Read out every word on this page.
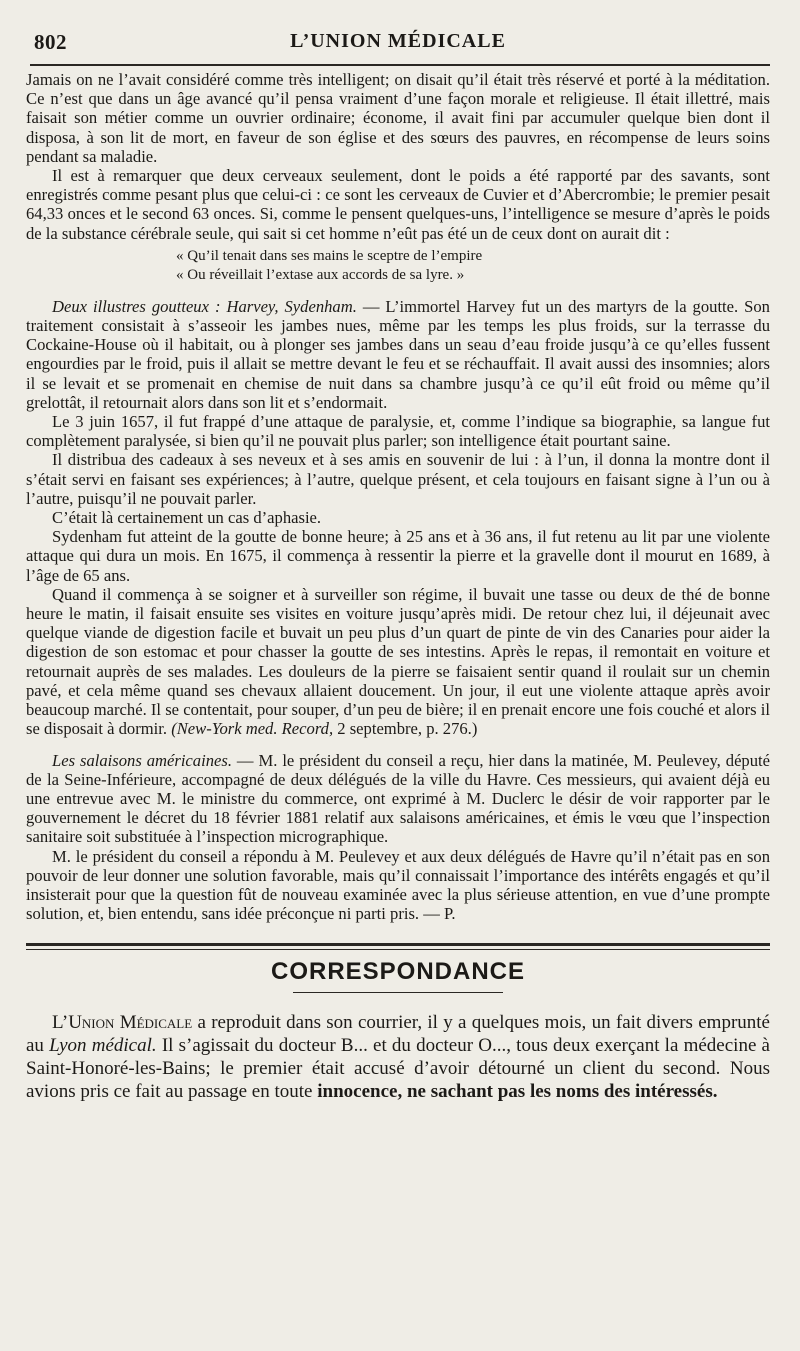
802	L’UNION MÉDICALE

Jamais on ne l’avait considéré comme très intelligent; on disait qu’il était très réservé et porté à la méditation. Ce n’est que dans un âge avancé qu’il pensa vraiment d’une façon morale et religieuse. Il était illettré, mais faisait son métier comme un ouvrier ordinaire; économe, il avait fini par accumuler quelque bien dont il disposa, à son lit de mort, en faveur de son église et des sœurs des pauvres, en récompense de leurs soins pendant sa maladie.

Il est à remarquer que deux cerveaux seulement, dont le poids a été rapporté par des savants, sont enregistrés comme pesant plus que celui-ci : ce sont les cerveaux de Cuvier et d’Abercrombie; le premier pesait 64,33 onces et le second 63 onces. Si, comme le pensent quelques-uns, l’intelligence se mesure d’après le poids de la substance cérébrale seule, qui sait si cet homme n’eût pas été un de ceux dont on aurait dit :

« Qu’il tenait dans ses mains le sceptre de l’empire
« Ou réveillait l’extase aux accords de sa lyre. »

Deux illustres goutteux : Harvey, Sydenham. — L’immortel Harvey fut un des martyrs de la goutte. Son traitement consistait à s’asseoir les jambes nues, même par les temps les plus froids, sur la terrasse du Cockaine-House où il habitait, ou à plonger ses jambes dans un seau d’eau froide jusqu’à ce qu’elles fussent engourdies par le froid, puis il allait se mettre devant le feu et se réchauffait. Il avait aussi des insomnies; alors il se levait et se promenait en chemise de nuit dans sa chambre jusqu’à ce qu’il eût froid ou même qu’il grelottât, il retournait alors dans son lit et s’endormait.

Le 3 juin 1657, il fut frappé d’une attaque de paralysie, et, comme l’indique sa biographie, sa langue fut complètement paralysée, si bien qu’il ne pouvait plus parler; son intelligence était pourtant saine.

Il distribua des cadeaux à ses neveux et à ses amis en souvenir de lui : à l’un, il donna la montre dont il s’était servi en faisant ses expériences; à l’autre, quelque présent, et cela toujours en faisant signe à l’un ou à l’autre, puisqu’il ne pouvait parler.

C’était là certainement un cas d’aphasie.

Sydenham fut atteint de la goutte de bonne heure; à 25 ans et à 36 ans, il fut retenu au lit par une violente attaque qui dura un mois. En 1675, il commença à ressentir la pierre et la gravelle dont il mourut en 1689, à l’âge de 65 ans.

Quand il commença à se soigner et à surveiller son régime, il buvait une tasse ou deux de thé de bonne heure le matin, il faisait ensuite ses visites en voiture jusqu’après midi. De retour chez lui, il déjeunait avec quelque viande de digestion facile et buvait un peu plus d’un quart de pinte de vin des Canaries pour aider la digestion de son estomac et pour chasser la goutte de ses intestins. Après le repas, il remontait en voiture et retournait auprès de ses malades. Les douleurs de la pierre se faisaient sentir quand il roulait sur un chemin pavé, et cela même quand ses chevaux allaient doucement. Un jour, il eut une violente attaque après avoir beaucoup marché. Il se contentait, pour souper, d’un peu de bière; il en prenait encore une fois couché et alors il se disposait à dormir. (New-York med. Record, 2 septembre, p. 276.)

Les salaisons américaines. — M. le président du conseil a reçu, hier dans la matinée, M. Peulevey, député de la Seine-Inférieure, accompagné de deux délégués de la ville du Havre. Ces messieurs, qui avaient déjà eu une entrevue avec M. le ministre du commerce, ont exprimé à M. Duclerc le désir de voir rapporter par le gouvernement le décret du 18 février 1881 relatif aux salaisons américaines, et émis le vœu que l’inspection sanitaire soit substituée à l’inspection micrographique.

M. le président du conseil a répondu à M. Peulevey et aux deux délégués de Havre qu’il n’était pas en son pouvoir de leur donner une solution favorable, mais qu’il connaissait l’importance des intérêts engagés et qu’il insisterait pour que la question fût de nouveau examinée avec la plus sérieuse attention, en vue d’une prompte solution, et, bien entendu, sans idée préconçue ni parti pris. — P.

CORRESPONDANCE

L’Union Médicale a reproduit dans son courrier, il y a quelques mois, un fait divers emprunté au Lyon médical. Il s’agissait du docteur B... et du docteur O..., tous deux exerçant la médecine à Saint-Honoré-les-Bains; le premier était accusé d’avoir détourné un client du second. Nous avions pris ce fait au passage en toute innocence, ne sachant pas les noms des intéressés.
